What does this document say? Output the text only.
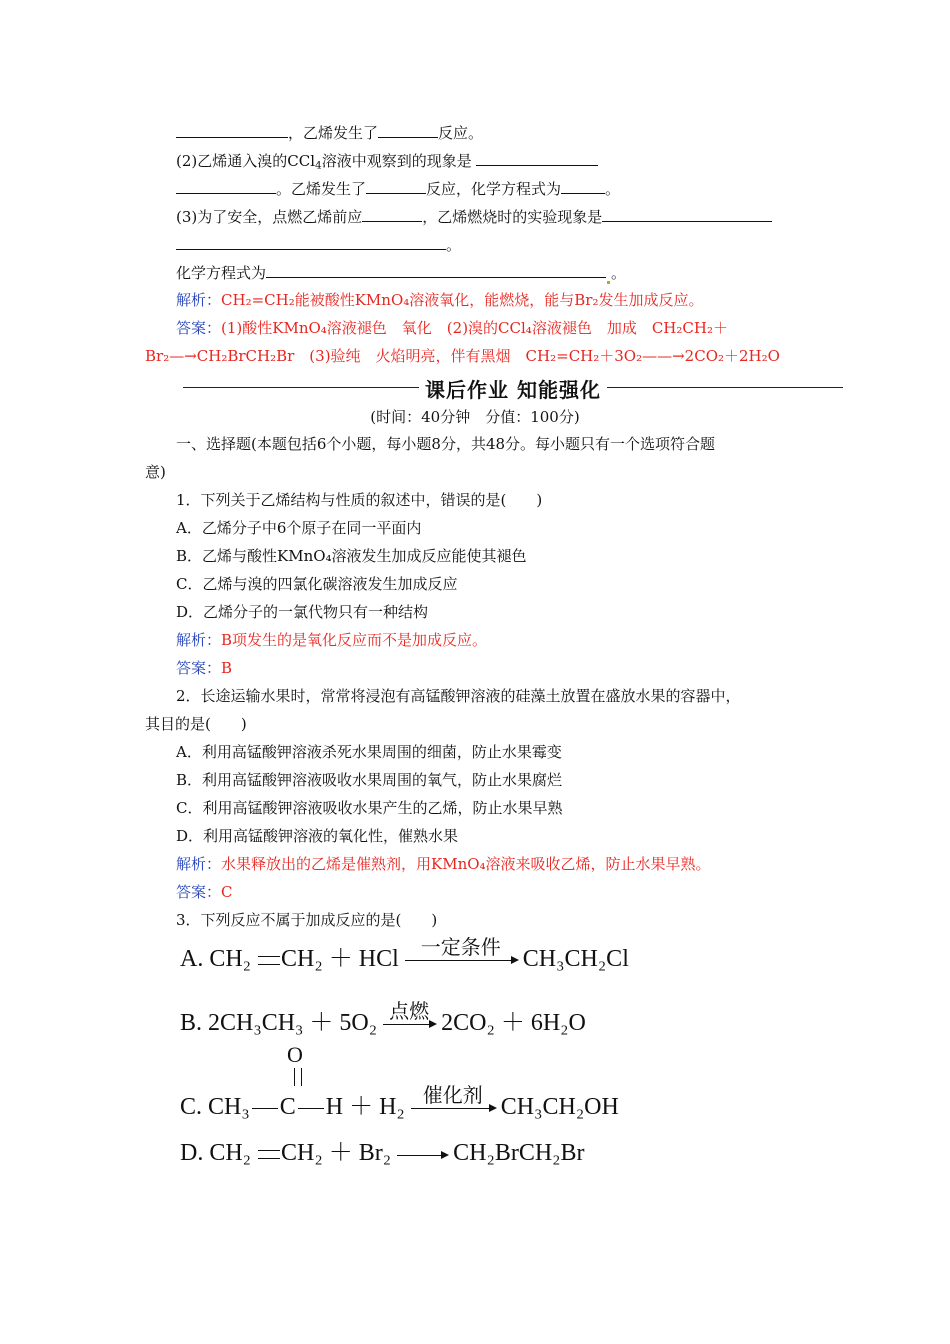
，乙烯发生了	反应。
(2)乙烯通入溴的CCl$_4$溶液中观察到的现象是
。乙烯发生了	反应，化学方程式为	。
(3)为了安全，点燃乙烯前应	，乙烯燃烧时的实验现象是
。
化学方程式为	。
解析：CH₂=CH₂能被酸性KMnO₄溶液氧化，能燃烧，能与Br₂发生加成反应。
答案：(1)酸性KMnO₄溶液褪色　氧化　(2)溴的CCl₄溶液褪色　加成　CH₂CH₂＋
Br₂—→CH₂BrCH₂Br　(3)验纯　火焰明亮，伴有黑烟　CH₂=CH₂＋3O₂——→2CO₂＋2H₂O
课后作业 知能强化
(时间：40分钟　分值：100分)
一、选择题(本题包括6个小题，每小题8分，共48分。每小题只有一个选项符合题
意)
1．下列关于乙烯结构与性质的叙述中，错误的是(　　)
A．乙烯分子中6个原子在同一平面内
B．乙烯与酸性KMnO₄溶液发生加成反应能使其褪色
C．乙烯与溴的四氯化碳溶液发生加成反应
D．乙烯分子的一氯代物只有一种结构
解析：B项发生的是氧化反应而不是加成反应。
答案：B
2．长途运输水果时，常常将浸泡有高锰酸钾溶液的硅藻土放置在盛放水果的容器中，
其目的是(　　)
A．利用高锰酸钾溶液杀死水果周围的细菌，防止水果霉变
B．利用高锰酸钾溶液吸收水果周围的氧气，防止水果腐烂
C．利用高锰酸钾溶液吸收水果产生的乙烯，防止水果早熟
D．利用高锰酸钾溶液的氧化性，催熟水果
解析：水果释放出的乙烯是催熟剂，用KMnO₄溶液来吸收乙烯，防止水果早熟。
答案：C
3．下列反应不属于加成反应的是(　　)
A. CH₂ CH₂ ＋ HCl	一定条件 CH₃CH₂Cl
B. 2CH₃CH₃ ＋ 5O₂ 点燃 2CO₂ ＋ 6H₂O
O
C. CH₃ C H ＋ H₂ 催化剂 CH₃CH₂OH
D. CH₂ CH₂ ＋ Br₂ → CH₂BrCH₂Br
